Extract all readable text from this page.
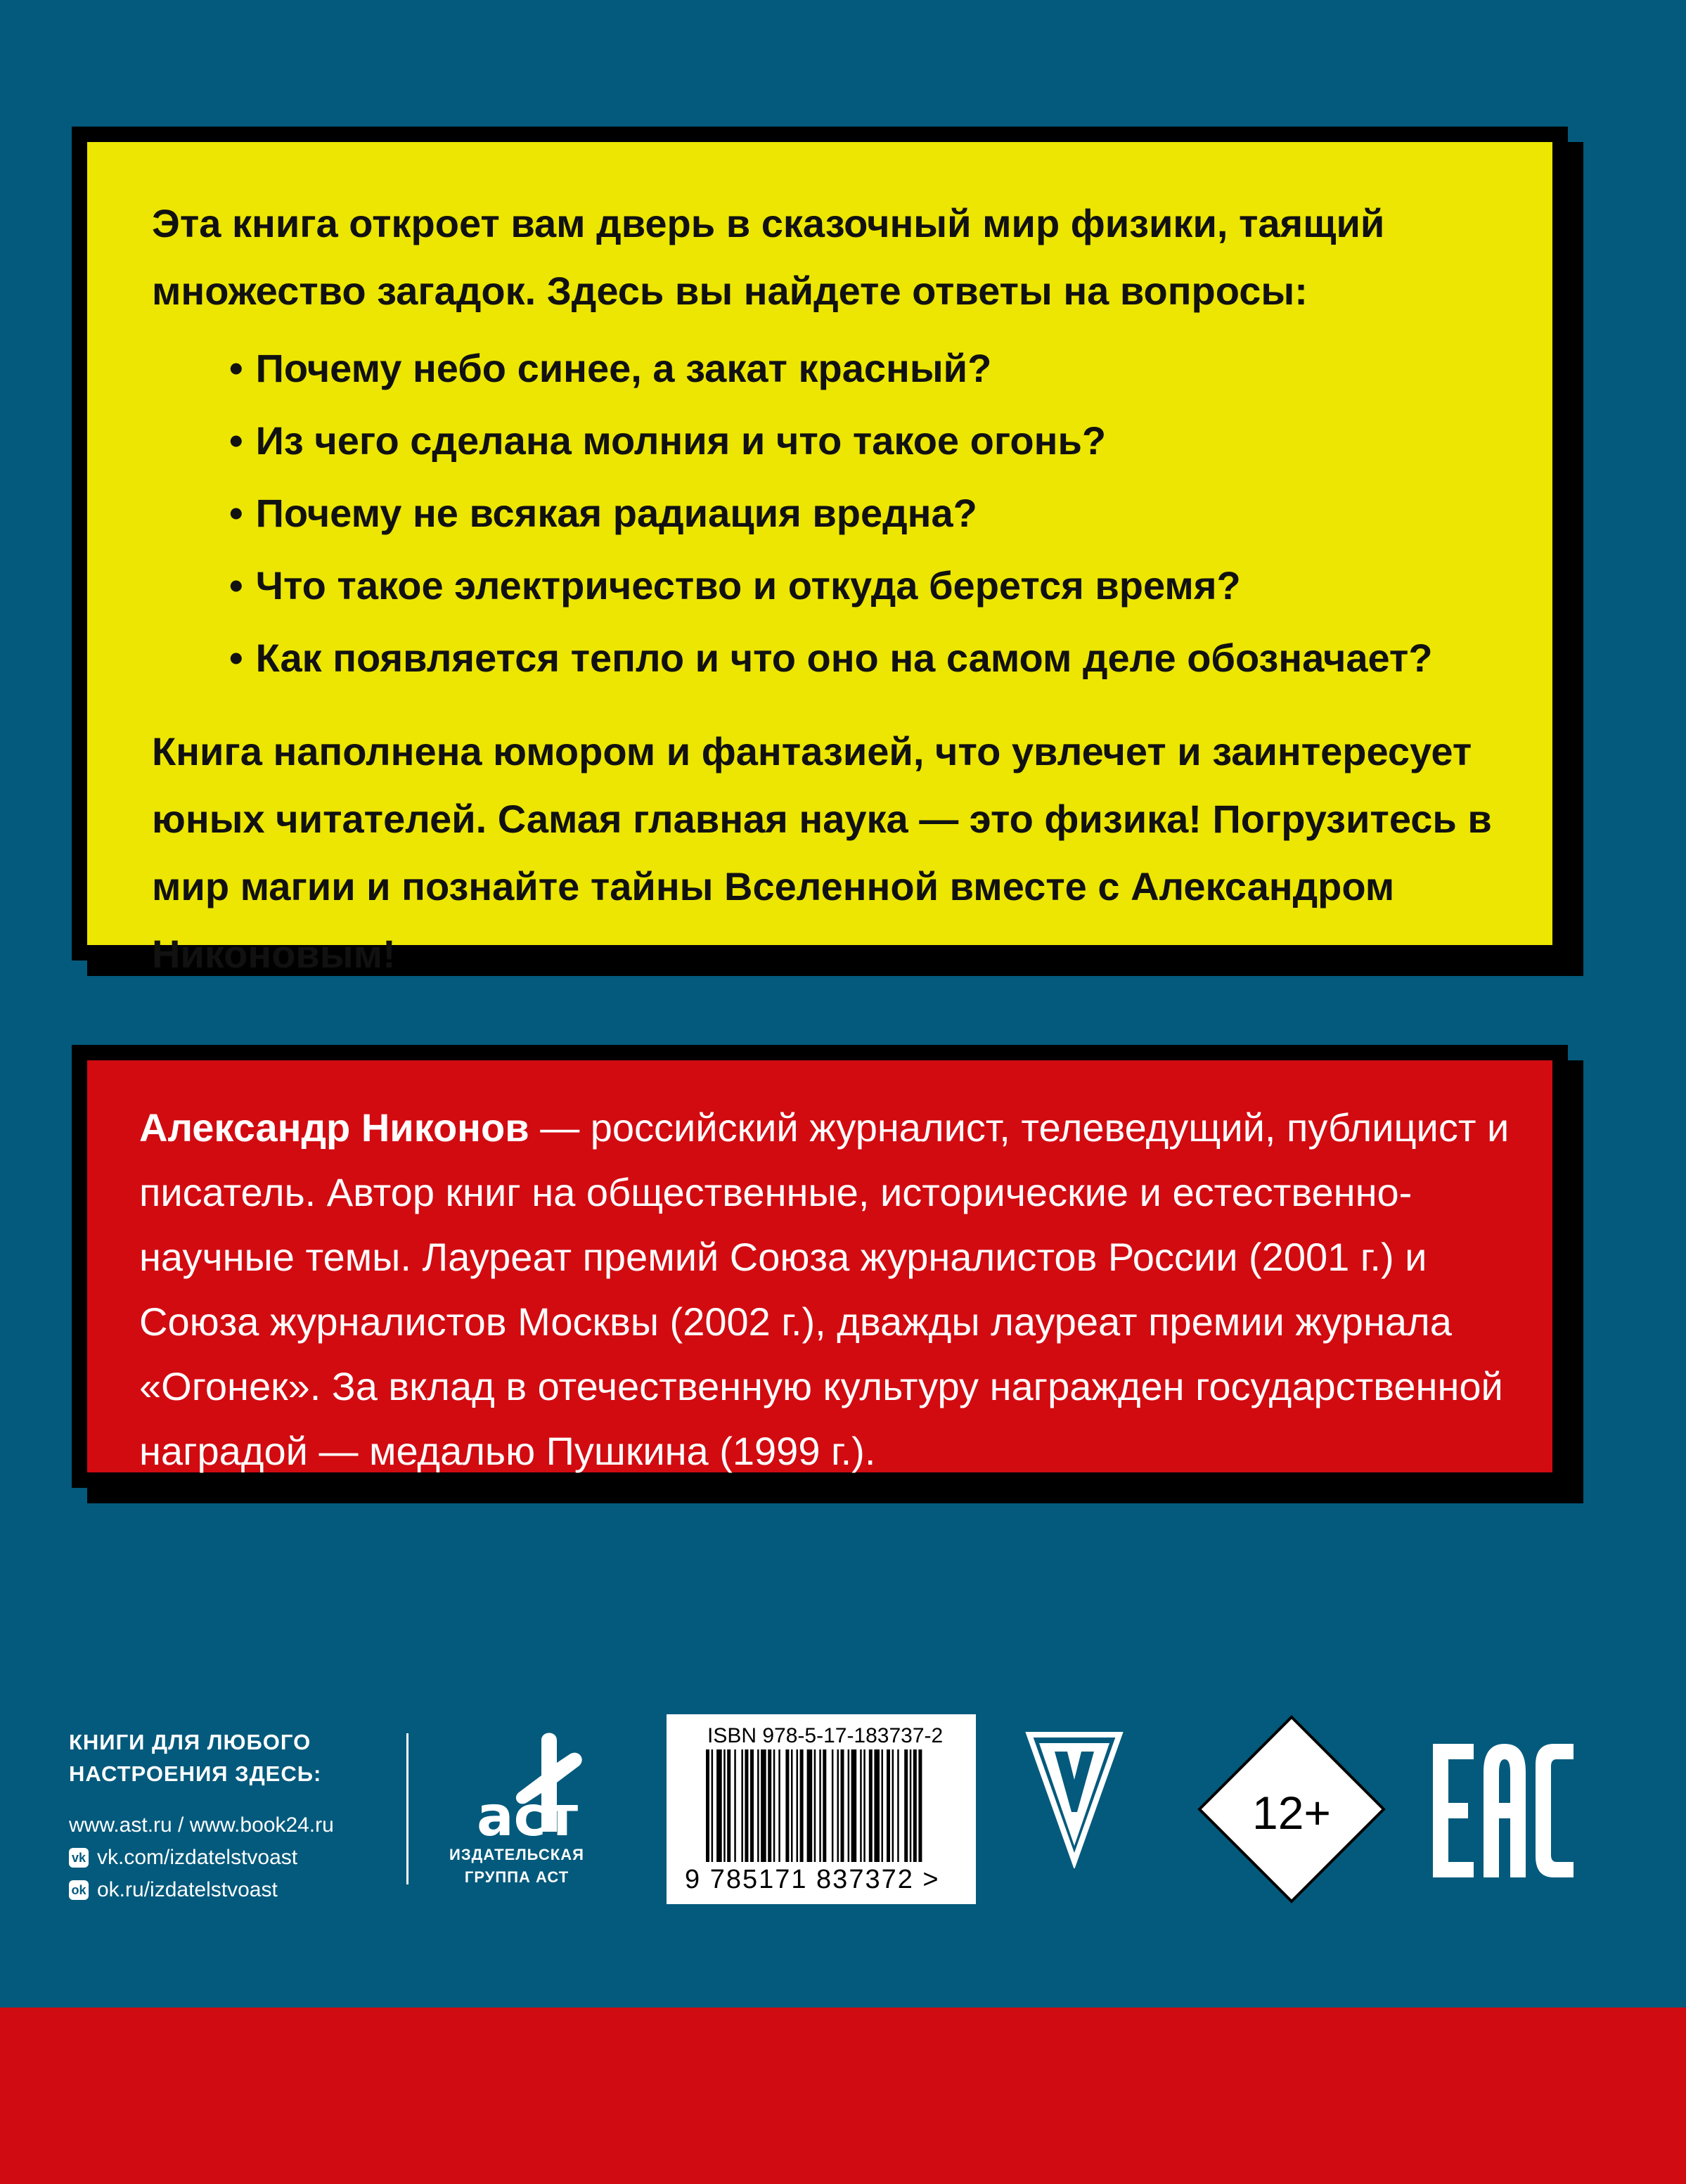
Эта книга откроет вам дверь в сказочный мир физики, таящий множество загадок. Здесь вы найдете ответы на вопросы:

• Почему небо синее, а закат красный?
• Из чего сделана молния и что такое огонь?
• Почему не всякая радиация вредна?
• Что такое электричество и откуда берется время?
• Как появляется тепло и что оно на самом деле обозначает?

Книга наполнена юмором и фантазией, что увлечет и заинтересует юных читателей. Самая главная наука — это физика! Погрузитесь в мир магии и познайте тайны Вселенной вместе с Александром Никоновым!

Александр Никонов — российский журналист, телеведущий, публицист и писатель. Автор книг на общественные, исторические и естественно-научные темы. Лауреат премий Союза журналистов России (2001 г.) и Союза журналистов Москвы (2002 г.), дважды лауреат премии журнала «Огонек». За вклад в отечественную культуру награжден государственной наградой — медалью Пушкина (1999 г.).

КНИГИ ДЛЯ ЛЮБОГО
НАСТРОЕНИЯ ЗДЕСЬ:
www.ast.ru / www.book24.ru
vk vk.com/izdatelstvoast
ok ok.ru/izdatelstvoast
аст
ИЗДАТЕЛЬСКАЯ
ГРУППА АСТ
ISBN 978-5-17-183737-2
9 785171 837372 >
12+
